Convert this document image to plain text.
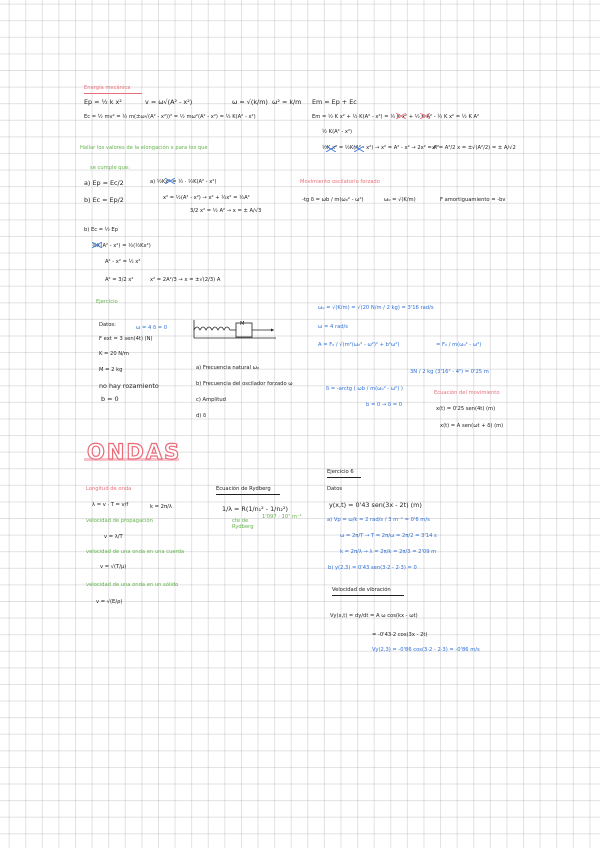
Energía mecánica
Ep = ½ k x²	v = ω√(A² - x²)	ω = √(k/m) ω² = k/m Em = Ep + Ec
Ec = ½ mv² = ½ m(±ω√(A² - x²))² = ½ mω²(A² - x²) = ½ K(A² - x²)	Em = ½ K x² + ½ K(A² - x²) = ½ K x² + ½ K A² - ½ K x² = ½ K A²
½ K(A² - x²)
½K x² = ½K(A² - x²) → x² = A² - x² → 2x² = A²
x² = A²/2 x = ±√(A²/2) = ± A/√2
Hallar los valores de la elongación x para los que
se cumple que:
a) Ep = Ec/2
b) Ec = Ep/2
a) ½Kx² = ½ · ½K(A² - x²)
x² = ½(A² - x²) → x² + ½x² = ½A²
3/2 x² = ½ A² → x = ± A/√3
b) Ec = ½ Ep
½K(A² - x²) = ½(½Kx²)
A² - x² = ½ x²
A² = 3/2 x²	x² = 2A²/3 → x = ±√(2/3) A
Movimiento oscilatorio forzado
-tg δ = ωb / m(ω₀² - ω²)	ω₀ = √(K/m)	F amortiguamiento = -bv
Ejercicio
Datos:
F ext = 3 sen(4t) (N)
ω = 4 δ = 0
K = 20 N/m
M = 2 kg
no hay rozamiento
b = 0
M
a) Frecuencia natural ω₀
b) Frecuencia del oscilador forzado ω
c) Amplitud
d) δ
ω₀ = √(K/m) = √(20 N/m / 2 kg) = 3'16 rad/s
ω = 4 rad/s
A = F₀ / √(m²(ω₀² - ω²)² + b²ω²)	= F₀ / m(ω₀² - ω²)
3N / 2 kg (3'16² - 4²) = 0'25 m
δ = -arctg ( ωb / m(ω₀² - ω²) )
b = 0 → δ = 0
Ecuación del movimiento
x(t) = 0'25 sen(4t) (m)
x(t) = A sen(ωt + δ) (m)
ONDAS
Longitud de onda
λ = v · T = v/f	k = 2π/λ
velocidad de propagación
v = λ/T
velocidad de una onda en una cuerda
v = √(T/μ)
velocidad de una onda en un sólido
v = √(E/ρ)
Ecuación de Rydberg
1/λ = R(1/n₁² - 1/n₂²)
cte de
Rydberg
1'097 · 10⁷ m⁻¹
Ejercicio 6
Datos
y(x,t) = 0'43 sen(3x - 2t) (m)
a) Vp = ω/k = 2 rad/s / 3 m⁻¹ = 0'6 m/s
ω = 2π/T → T = 2π/ω = 2π/2 = 3'14 s
k = 2π/λ → λ = 2π/k = 2π/3 = 2'09 m
b) y(2,3) = 0'43 sen(3·2 - 2·3) = 0
Velocidad de vibración
Vy(x,t) = dy/dt = A ω cos(kx - ωt)
= -0'43·2 cos(3x - 2t)
Vy(2,3) = -0'86 cos(3·2 - 2·3) = -0'86 m/s
